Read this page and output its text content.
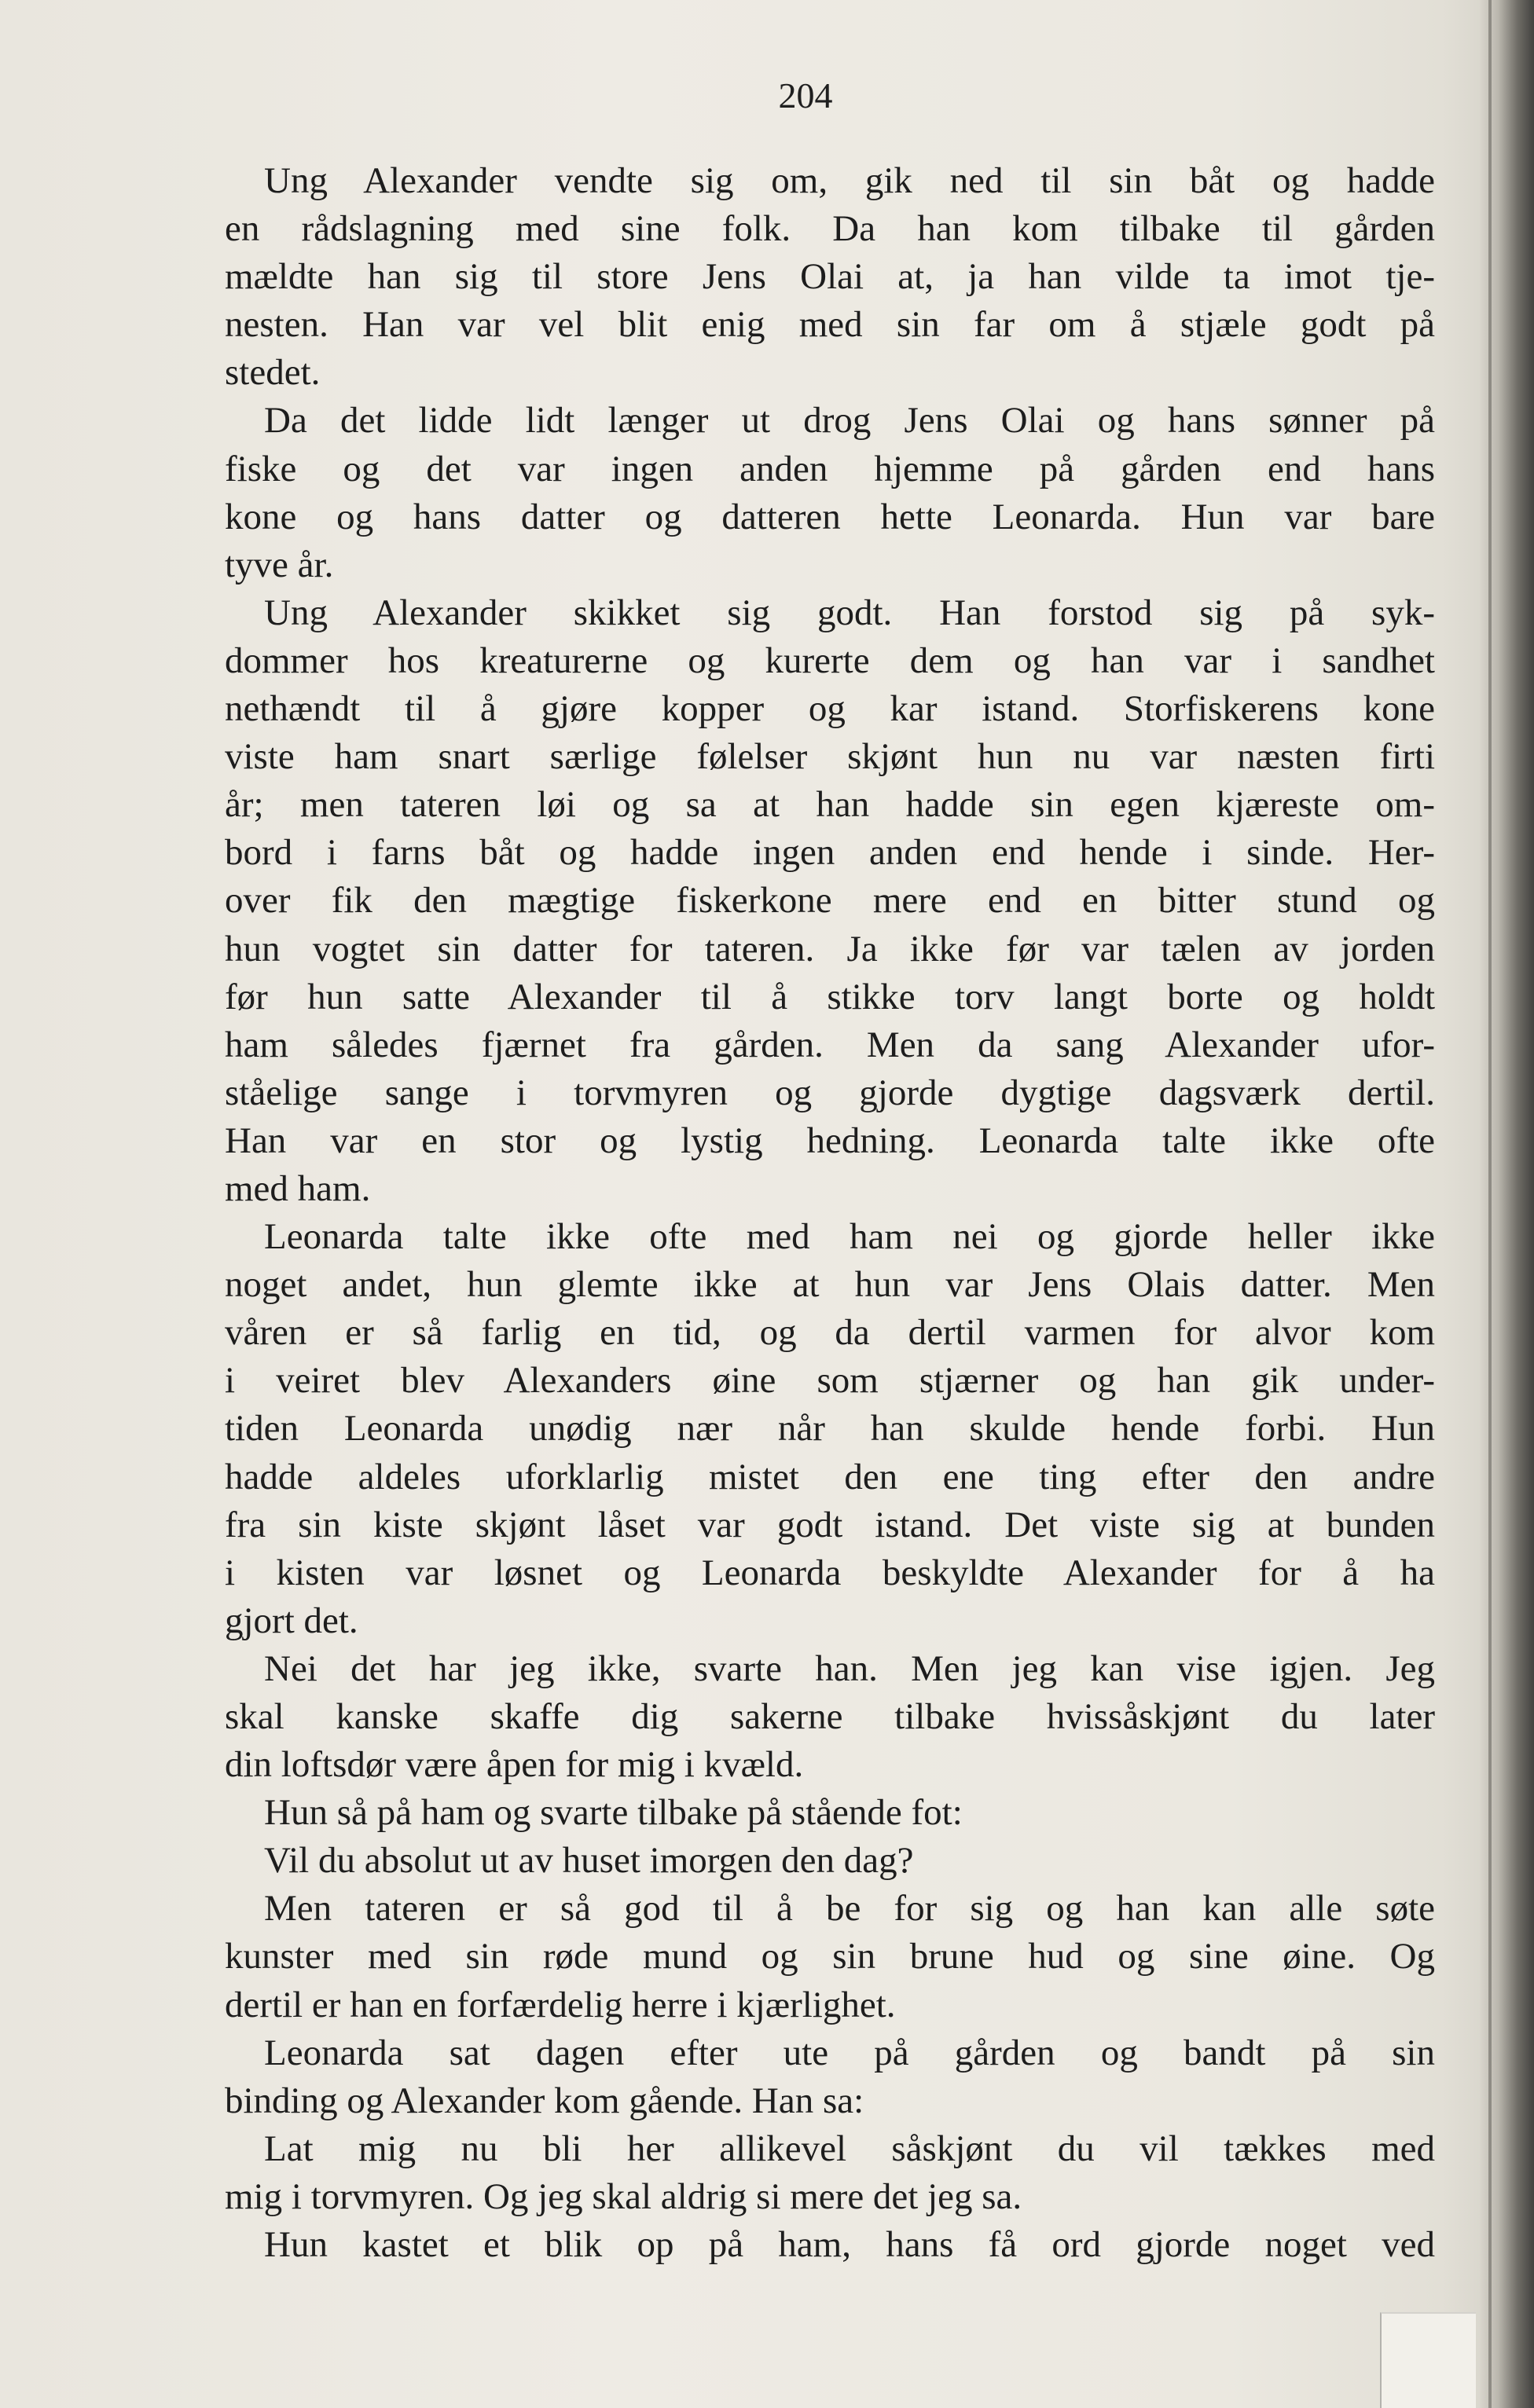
204
Ung Alexander vendte sig om, gik ned til sin båt og hadde
en rådslagning med sine folk. Da han kom tilbake til gården
mældte han sig til store Jens Olai at, ja han vilde ta imot tje-
nesten. Han var vel blit enig med sin far om å stjæle godt på
stedet.
Da det lidde lidt længer ut drog Jens Olai og hans sønner på
fiske og det var ingen anden hjemme på gården end hans
kone og hans datter og datteren hette Leonarda. Hun var bare
tyve år.
Ung Alexander skikket sig godt. Han forstod sig på syk-
dommer hos kreaturerne og kurerte dem og han var i sandhet
nethændt til å gjøre kopper og kar istand. Storfiskerens kone
viste ham snart særlige følelser skjønt hun nu var næsten firti
år; men tateren løi og sa at han hadde sin egen kjæreste om-
bord i farns båt og hadde ingen anden end hende i sinde. Her-
over fik den mægtige fiskerkone mere end en bitter stund og
hun vogtet sin datter for tateren. Ja ikke før var tælen av jorden
før hun satte Alexander til å stikke torv langt borte og holdt
ham således fjærnet fra gården. Men da sang Alexander ufor-
ståelige sange i torvmyren og gjorde dygtige dagsværk dertil.
Han var en stor og lystig hedning. Leonarda talte ikke ofte
med ham.
Leonarda talte ikke ofte med ham nei og gjorde heller ikke
noget andet, hun glemte ikke at hun var Jens Olais datter. Men
våren er så farlig en tid, og da dertil varmen for alvor kom
i veiret blev Alexanders øine som stjærner og han gik under-
tiden Leonarda unødig nær når han skulde hende forbi. Hun
hadde aldeles uforklarlig mistet den ene ting efter den andre
fra sin kiste skjønt låset var godt istand. Det viste sig at bunden
i kisten var løsnet og Leonarda beskyldte Alexander for å ha
gjort det.
Nei det har jeg ikke, svarte han. Men jeg kan vise igjen. Jeg
skal kanske skaffe dig sakerne tilbake hvissåskjønt du later
din loftsdør være åpen for mig i kvæld.
Hun så på ham og svarte tilbake på stående fot:
Vil du absolut ut av huset imorgen den dag?
Men tateren er så god til å be for sig og han kan alle søte
kunster med sin røde mund og sin brune hud og sine øine. Og
dertil er han en forfærdelig herre i kjærlighet.
Leonarda sat dagen efter ute på gården og bandt på sin
binding og Alexander kom gående. Han sa:
Lat mig nu bli her allikevel såskjønt du vil tækkes med
mig i torvmyren. Og jeg skal aldrig si mere det jeg sa.
Hun kastet et blik op på ham, hans få ord gjorde noget ved
